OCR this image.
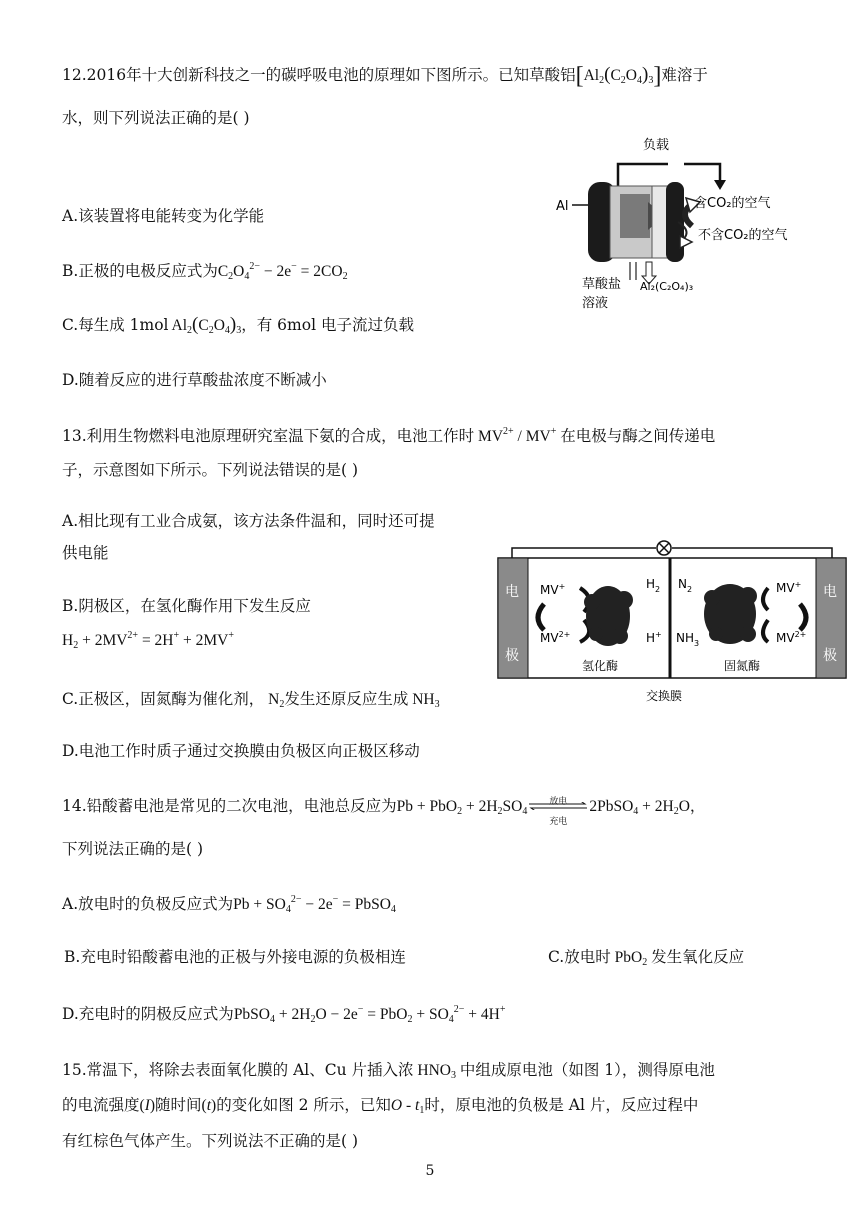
12.2016年十大创新科技之一的碳呼吸电池的原理如下图所示。已知草酸铝$[Al_2(C_2O_4)_3]$难溶于
水，则下列说法正确的是( )
负载
Al	含CO₂的空气
不含CO₂的空气
草酸盐
溶液
Al₂(C₂O₄)₃
A.该装置将电能转变为化学能
B.正极的电极反应式为$C_2O_4^{2-} - 2e^- = 2CO_2$
C.每生成 1mol $Al_2(C_2O_4)_3$，有 6mol 电子流过负载
D.随着反应的进行草酸盐浓度不断减小
13.利用生物燃料电池原理研究室温下氨的合成，电池工作时 $MV^{2+} / MV^+$ 在电极与酶之间传递电
子，示意图如下所示。下列说法错误的是( )
A.相比现有工业合成氨，该方法条件温和，同时还可提
供电能
电
极
电
极
MV+
$MV^{2+}$
$H_2$
H+
氢化酶
$N_2$
$NH_3$
MV+
$MV^{2+}$
固氮酶
交换膜
B.阴极区，在氢化酶作用下发生反应
$H_2 + 2MV^{2+} = 2H^+ + 2MV^+$
C.正极区，固氮酶为催化剂， $N_2$发生还原反应生成 $NH_3$
D.电池工作时质子通过交换膜由负极区向正极区移动
14.铅酸蓄电池是常见的二次电池，电池总反应为$Pb + PbO_2 + 2H_2SO_4$
放电
充电
2PbSO$_4$ + $2H_2O$，
下列说法正确的是( )
A.放电时的负极反应式为$Pb + SO_4^{2-} - 2e^-$ = PbSO$_4$
B.充电时铅酸蓄电池的正极与外接电源的负极相连	C.放电时 PbO$_2$ 发生氧化反应
D.充电时的阴极反应式为PbSO$_4$ + $2H_2O - 2e^- = PbO_2 + SO_4^{2-} + 4H^+$
15.常温下，将除去表面氧化膜的 Al、Cu 片插入浓 $HNO_3$ 中组成原电池（如图 1），测得原电池
的电流强度(I)随时间(t)的变化如图 2 所示，已知O - $t_1$时，原电池的负极是 Al 片，反应过程中
有红棕色气体产生。下列说法不正确的是( )
5
